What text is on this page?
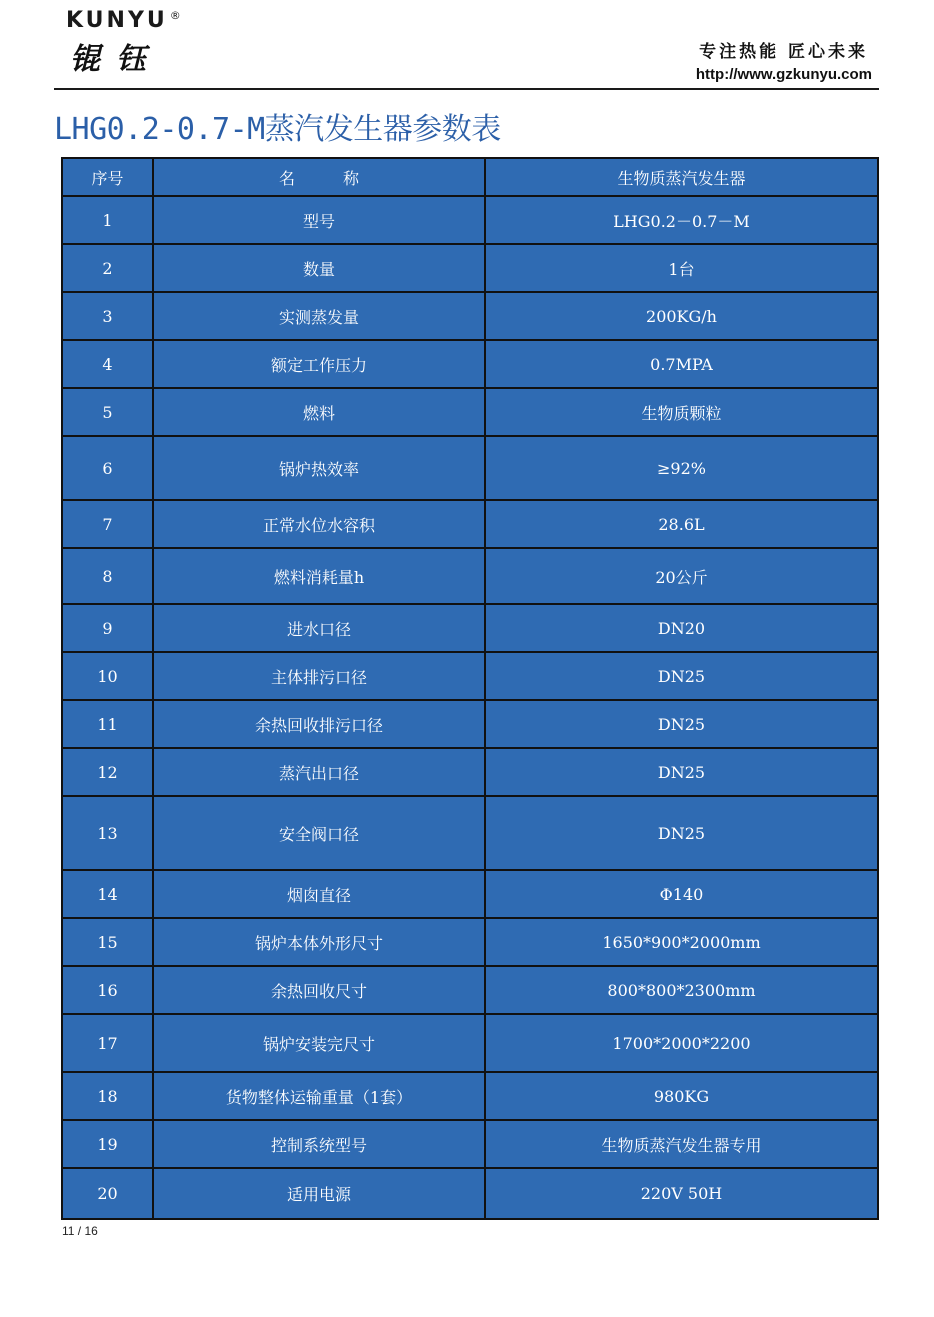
KUNYU ®
锟钰	专注热能 匠心未来
http://www.gzkunyu.com
LHG0.2-0.7-M蒸汽发生器参数表
序号	名　　　称	生物质蒸汽发生器
1	型号	LHG0.2－0.7－M
2	数量	1台
3	实测蒸发量	200KG/h
4	额定工作压力	0.7MPA
5	燃料	生物质颗粒
6	锅炉热效率	≥92%
7	正常水位水容积	28.6L
8	燃料消耗量h	20公斤
9	进水口径	DN20
10	主体排污口径	DN25
11	余热回收排污口径	DN25
12	蒸汽出口径	DN25
13	安全阀口径	DN25
14	烟囱直径	Φ140
15	锅炉本体外形尺寸	1650*900*2000mm
16	余热回收尺寸	800*800*2300mm
17	锅炉安装完尺寸	1700*2000*2200
18	货物整体运输重量（1套）	980KG
19	控制系统型号	生物质蒸汽发生器专用
20	适用电源	220V 50H
11 / 16
